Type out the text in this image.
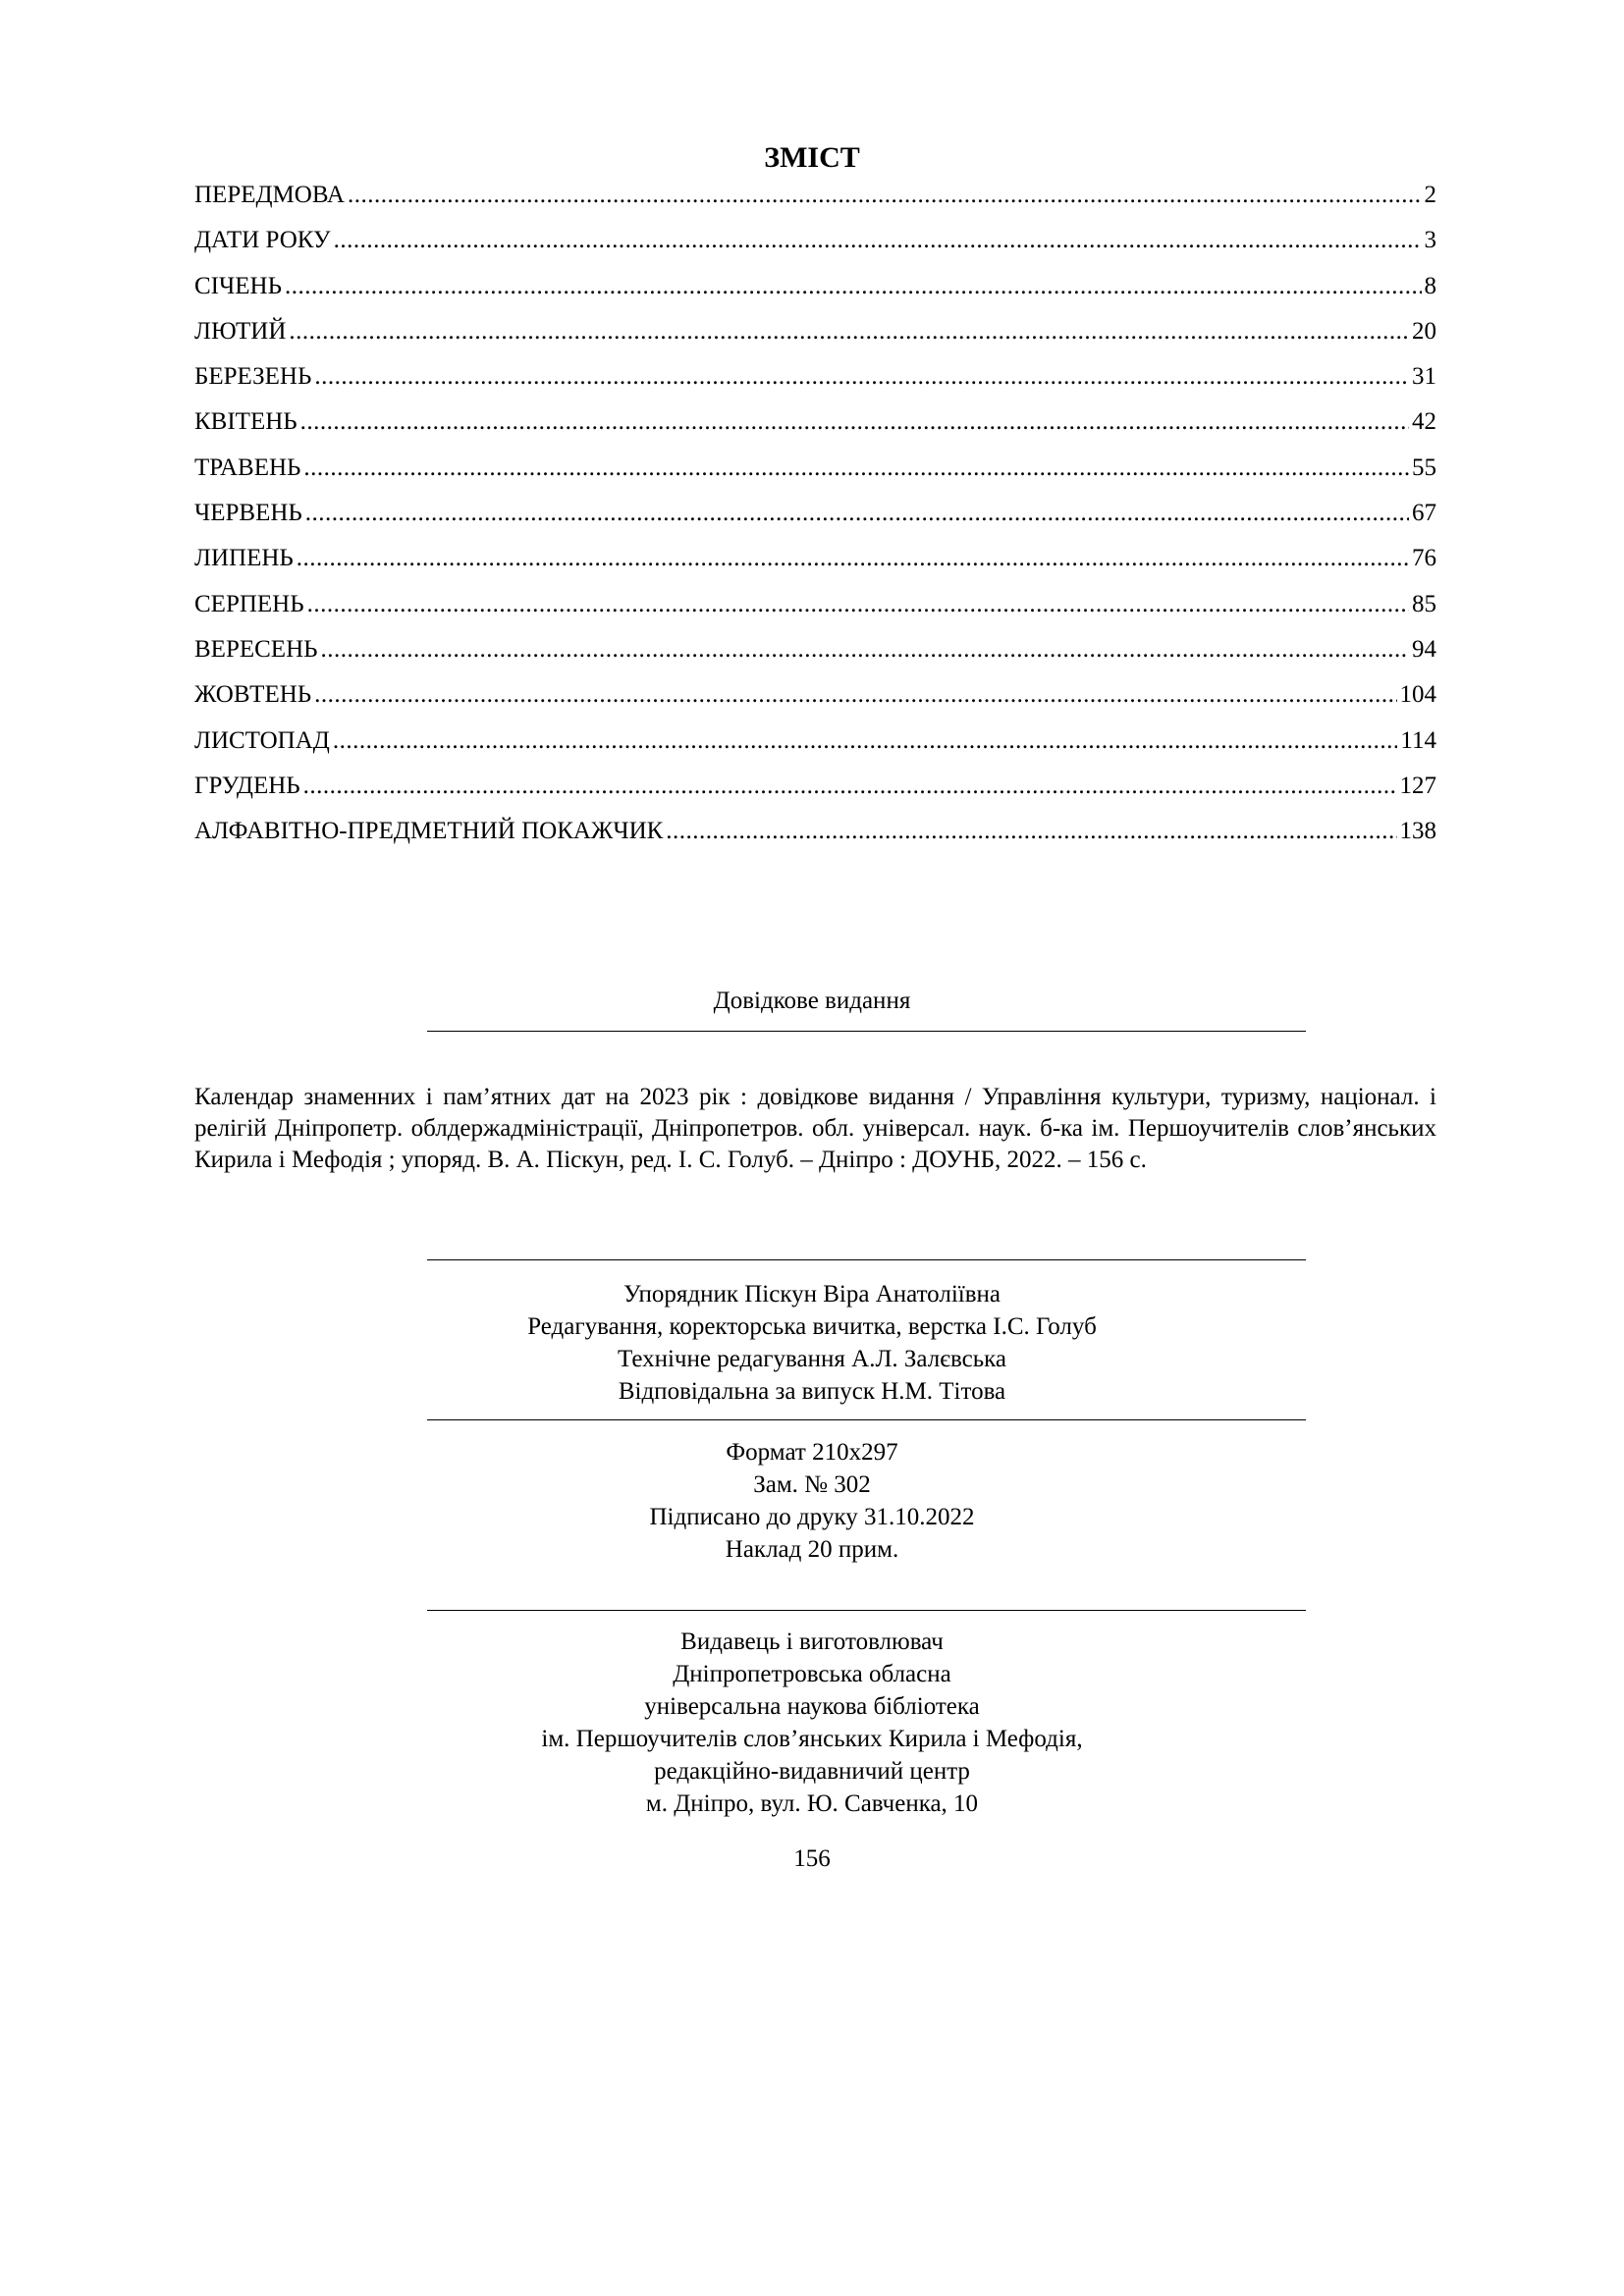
ЗМІСТ
ПЕРЕДМОВА .....	2
ДАТИ РОКУ .....	3
СІЧЕНЬ .....	8
ЛЮТИЙ .....	20
БЕРЕЗЕНЬ .....	31
КВІТЕНЬ .....	42
ТРАВЕНЬ .....	55
ЧЕРВЕНЬ .....	67
ЛИПЕНЬ .....	76
СЕРПЕНЬ .....	85
ВЕРЕСЕНЬ .....	94
ЖОВТЕНЬ .....	104
ЛИСТОПАД .....	114
ГРУДЕНЬ .....	127
АЛФАВІТНО-ПРЕДМЕТНИЙ ПОКАЖЧИК .....	138
Довідкове видання
Календар знаменних і пам’ятних дат на 2023 рік : довідкове видання / Управління культури, туризму, націонал. і релігій Дніпропетр. облдержадміністрації, Дніпропетров. обл. універсал. наук. б-ка ім. Першоучителів слов’янських Кирила і Мефодія ; упоряд. В. А. Піскун, ред. І. С. Голуб. – Дніпро : ДОУНБ, 2022. – 156 с.
Упорядник Піскун Віра Анатоліївна
Редагування, коректорська вичитка, верстка І.С. Голуб
Технічне редагування А.Л. Залєвська
Відповідальна за випуск Н.М. Тітова
Формат 210х297
Зам. № 302
Підписано до друку 31.10.2022
Наклад 20 прим.
Видавець і виготовлювач
Дніпропетровська обласна
універсальна наукова бібліотека
ім. Першоучителів слов’янських Кирила і Мефодія,
редакційно-видавничий центр
м. Дніпро, вул. Ю. Савченка, 10
156
